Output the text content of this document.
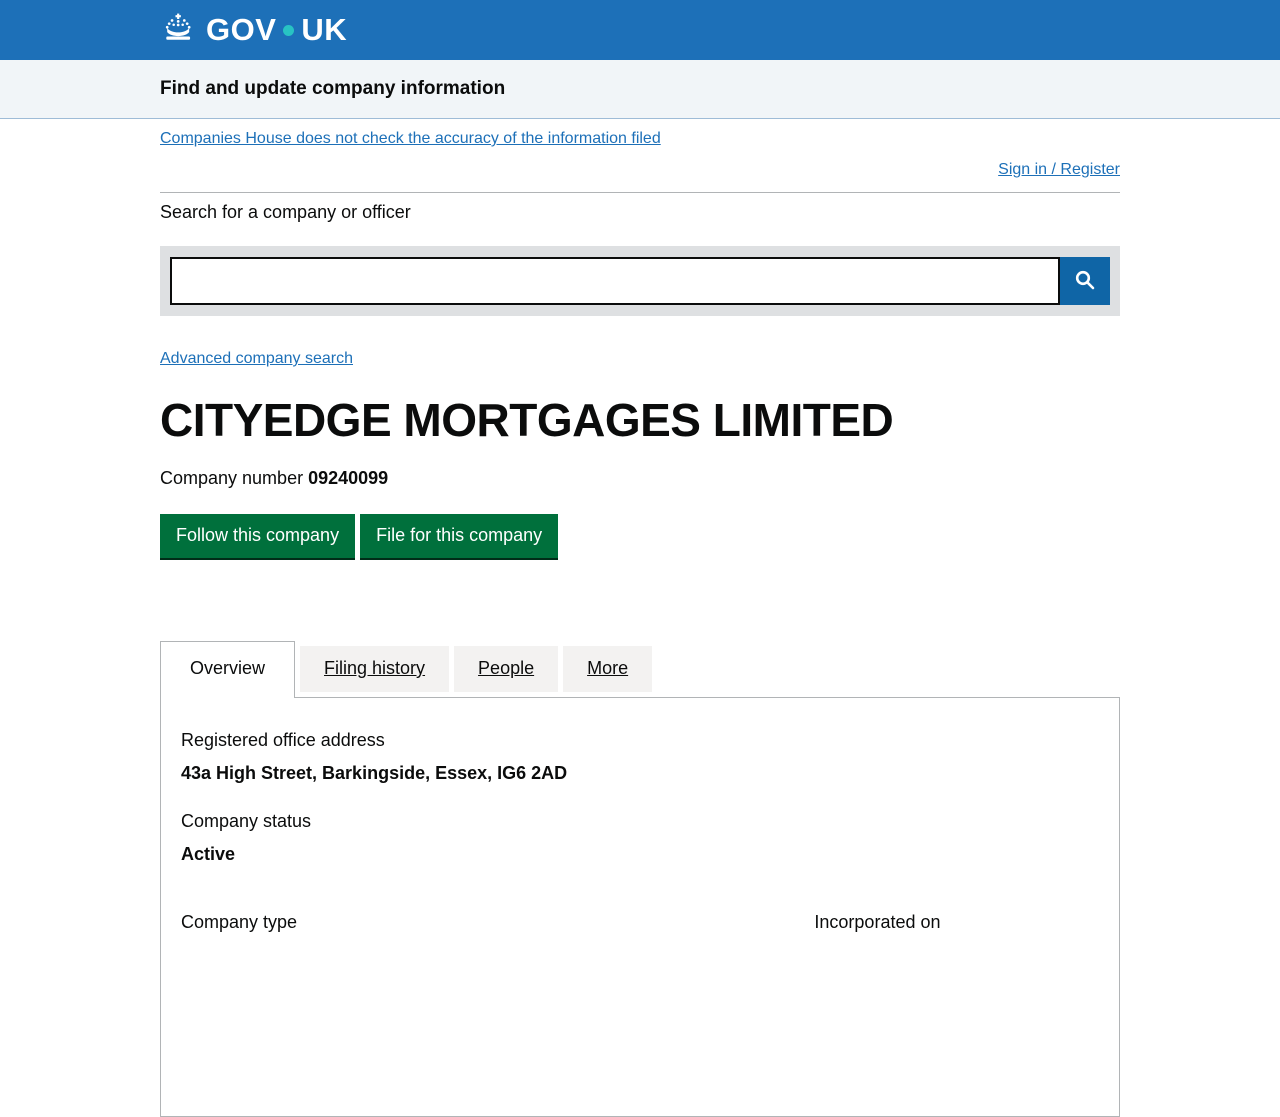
GOV UK
Find and update company information
Companies House does not check the accuracy of the information filed
Sign in / Register
Search for a company or officer
Advanced company search
CITYEDGE MORTGAGES LIMITED

Company number 09240099

Follow this company	File for this company
Overview	Filing history	People	More
Registered office address
43a High Street, Barkingside, Essex, IG6 2AD
Company status
Active
Company type	Incorporated on
